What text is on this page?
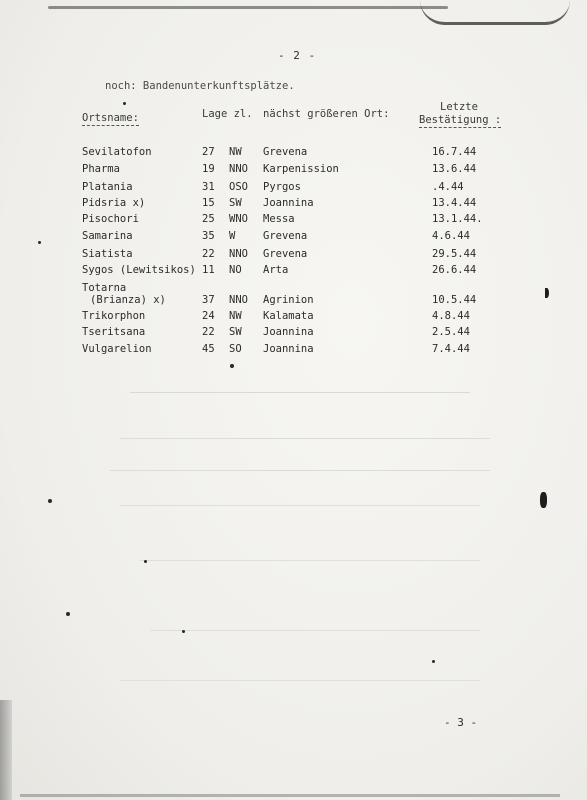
- 2 -
noch: Bandenunterkunftsplätze.
Ortsname:	Lage zl. nächst größeren Ort:
Letzte
Bestätigung :
Sevilatofon	27 NW Grevena	16.7.44
Pharma	19 NNO Karpenission	13.6.44
Platania	31 OSO Pyrgos	.4.44
Pidsria x)	15 SW Joannina	13.4.44
Pisochori	25 WNO Messa	13.1.44.
Samarina	35 W	Grevena	4.6.44
Siatista	22 NNO Grevena	29.5.44
Sygos (Lewitsikos) 11 NO Arta	26.6.44
Totarna
(Brianza) x)	37 NNO Agrinion	10.5.44
Trikorphon	24 NW Kalamata	4.8.44
Tseritsana	22 SW Joannina	2.5.44
Vulgarelion	45 SO Joannina	7.4.44
- 3 -
